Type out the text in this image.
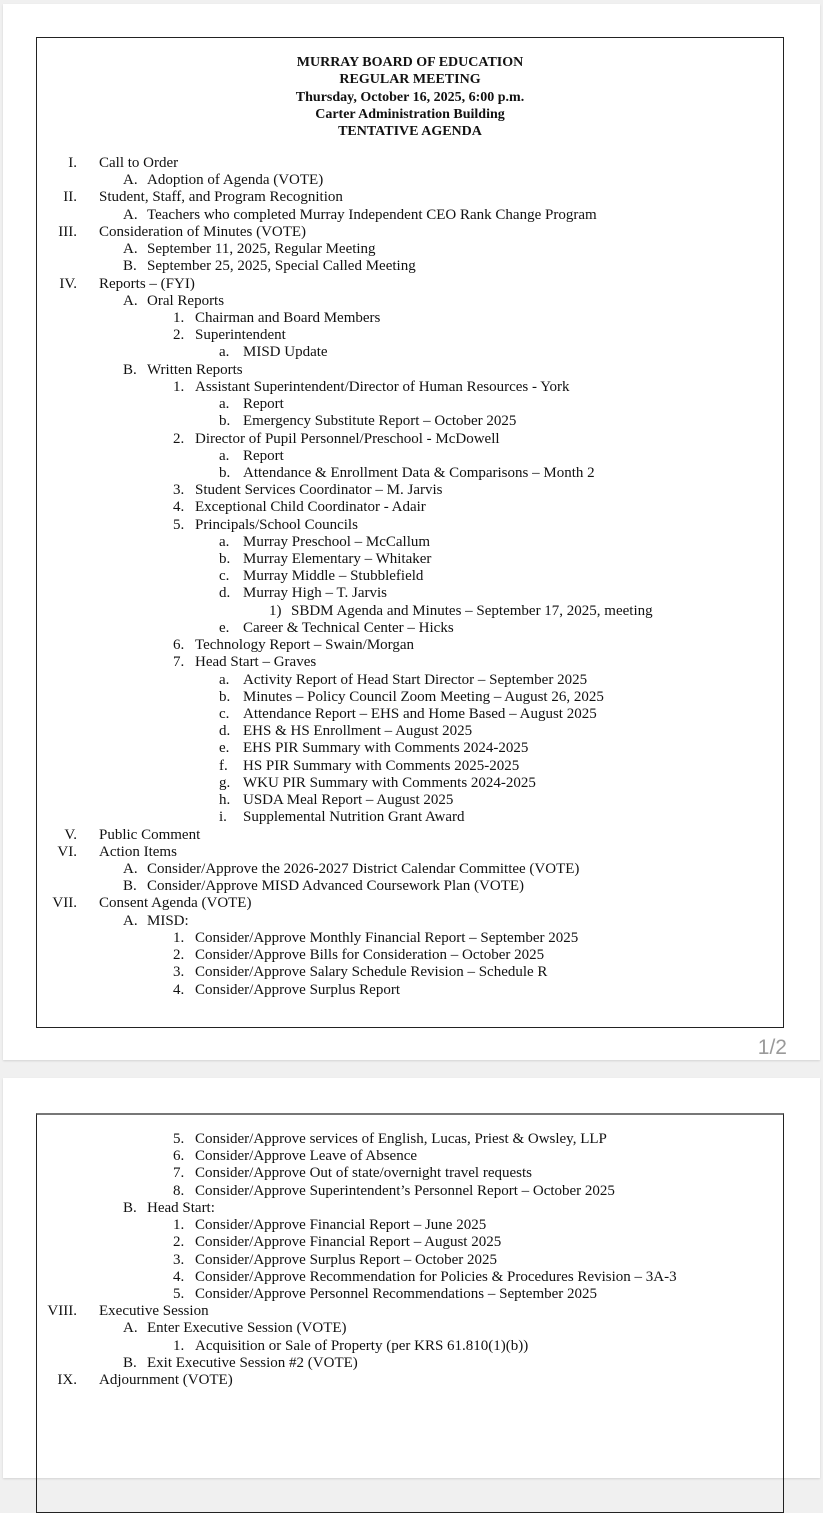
MURRAY BOARD OF EDUCATION
REGULAR MEETING
Thursday, October 16, 2025, 6:00 p.m.
Carter Administration Building
TENTATIVE AGENDA
I. Call to Order
A. Adoption of Agenda (VOTE)
II. Student, Staff, and Program Recognition
A. Teachers who completed Murray Independent CEO Rank Change Program
III. Consideration of Minutes (VOTE)
A. September 11, 2025, Regular Meeting
B. September 25, 2025, Special Called Meeting
IV. Reports – (FYI)
A. Oral Reports
1. Chairman and Board Members
2. Superintendent
a. MISD Update
B. Written Reports
1. Assistant Superintendent/Director of Human Resources - York
a. Report
b. Emergency Substitute Report – October 2025
2. Director of Pupil Personnel/Preschool - McDowell
a. Report
b. Attendance & Enrollment Data & Comparisons – Month 2
3. Student Services Coordinator – M. Jarvis
4. Exceptional Child Coordinator - Adair
5. Principals/School Councils
a. Murray Preschool – McCallum
b. Murray Elementary – Whitaker
c. Murray Middle – Stubblefield
d. Murray High – T. Jarvis
1) SBDM Agenda and Minutes – September 17, 2025, meeting
e. Career & Technical Center – Hicks
6. Technology Report – Swain/Morgan
7. Head Start – Graves
a. Activity Report of Head Start Director – September 2025
b. Minutes – Policy Council Zoom Meeting – August 26, 2025
c. Attendance Report – EHS and Home Based – August 2025
d. EHS & HS Enrollment – August 2025
e. EHS PIR Summary with Comments 2024-2025
f. HS PIR Summary with Comments 2025-2025
g. WKU PIR Summary with Comments 2024-2025
h. USDA Meal Report – August 2025
i. Supplemental Nutrition Grant Award
V. Public Comment
VI. Action Items
A. Consider/Approve the 2026-2027 District Calendar Committee (VOTE)
B. Consider/Approve MISD Advanced Coursework Plan (VOTE)
VII. Consent Agenda (VOTE)
A. MISD:
1. Consider/Approve Monthly Financial Report – September 2025
2. Consider/Approve Bills for Consideration – October 2025
3. Consider/Approve Salary Schedule Revision – Schedule R
4. Consider/Approve Surplus Report
1/2
5. Consider/Approve services of English, Lucas, Priest & Owsley, LLP
6. Consider/Approve Leave of Absence
7. Consider/Approve Out of state/overnight travel requests
8. Consider/Approve Superintendent’s Personnel Report – October 2025
B. Head Start:
1. Consider/Approve Financial Report – June 2025
2. Consider/Approve Financial Report – August 2025
3. Consider/Approve Surplus Report – October 2025
4. Consider/Approve Recommendation for Policies & Procedures Revision – 3A-3
5. Consider/Approve Personnel Recommendations – September 2025
VIII. Executive Session
A. Enter Executive Session (VOTE)
1. Acquisition or Sale of Property (per KRS 61.810(1)(b))
B. Exit Executive Session #2 (VOTE)
IX. Adjournment (VOTE)
